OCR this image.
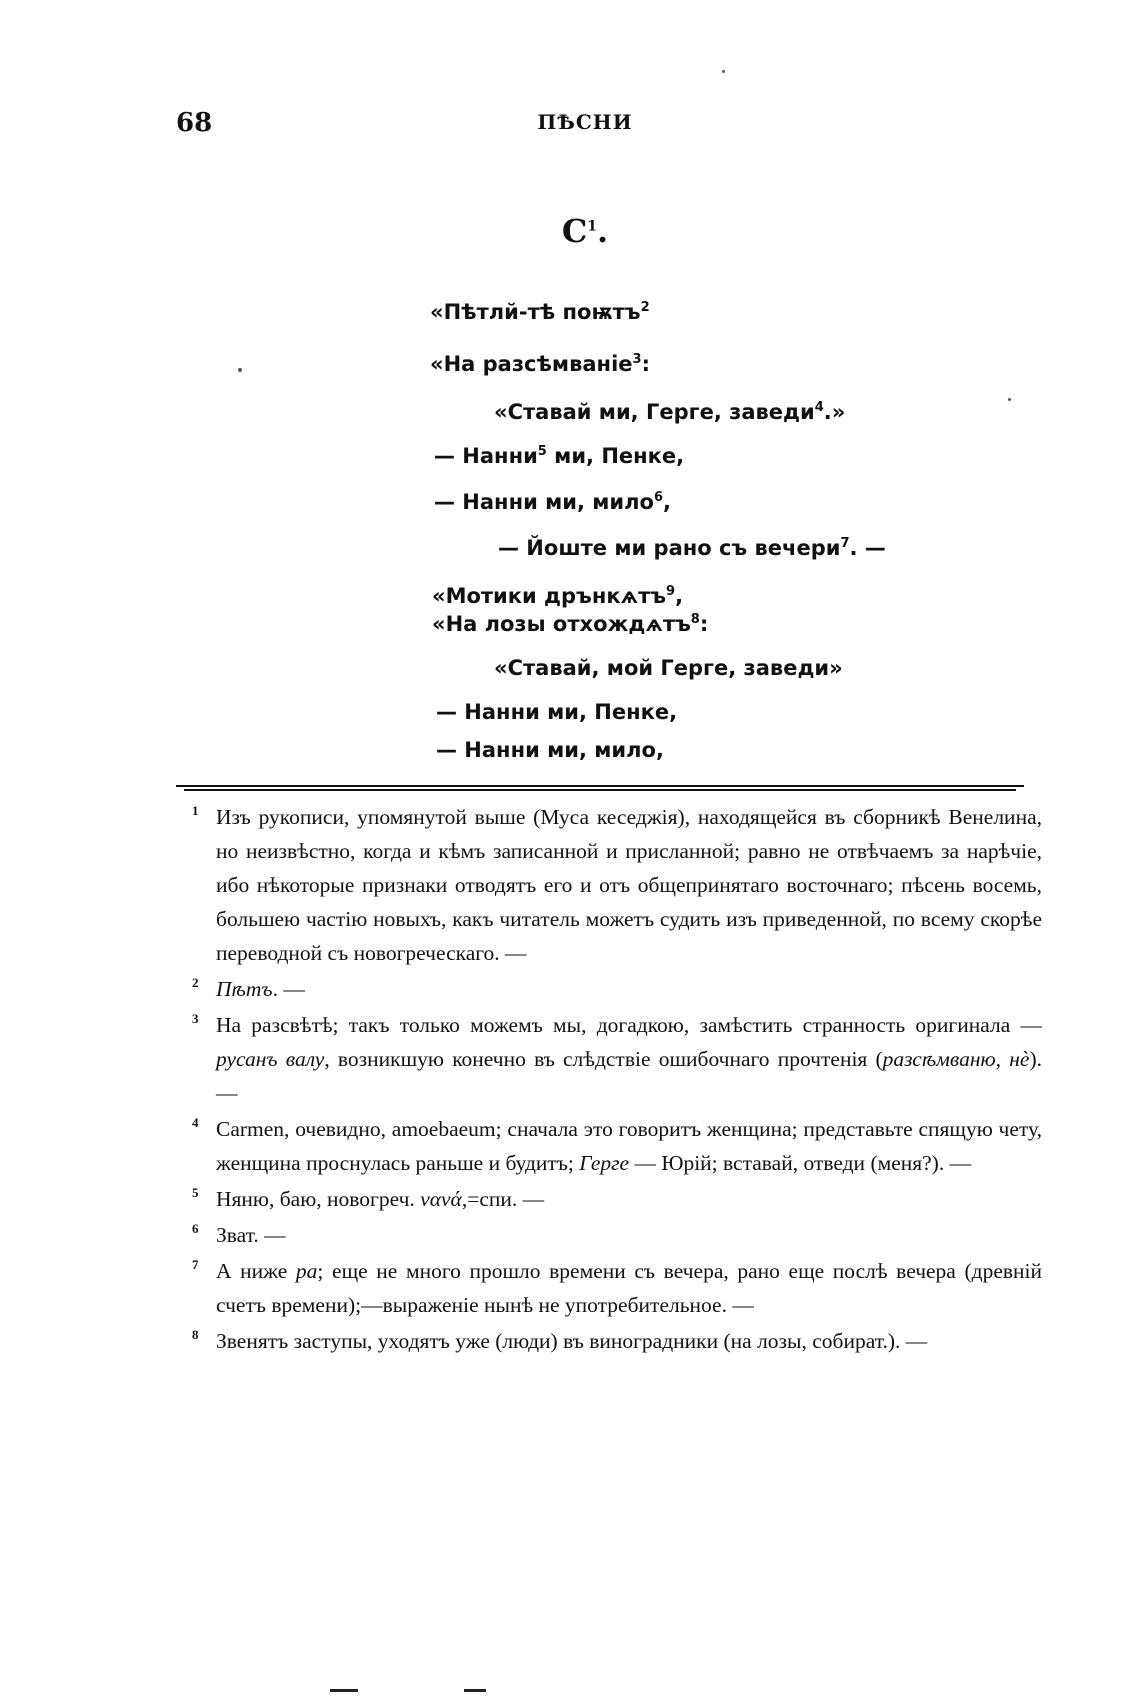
68	ПѢСНИ
$C^1$.
«Пѣтлй-тѣ поѭтъ$^2$
«На разсѣмваніе$^3$:
«Ставай ми, Герге, заведи$^4$.»
— Нанни$^5$ ми, Пенке,
— Нанни ми, мило$^6$,
— Йоште ми рано съ вечери$^7$. —
«Мотики дрънкѧтъ$^9$,
«На лозы отхождѧтъ$^8$:
«Ставай, мой Герге, заведи»
— Нанни ми, Пенке,
— Нанни ми, мило,
1 Изъ рукописи, упомянутой выше (Муса кеседжія), находящейся въ сборникѣ Венелина, но неизвѣстно, когда и кѣмъ записанной и присланной; равно не отвѣчаемъ за нарѣчіе, ибо нѣкоторые признаки отводятъ его и отъ общепринятаго восточнаго; пѣсень восемь, большею частію новыхъ, какъ читатель можетъ судить изъ приведенной, по всему скорѣе переводной съ новогреческаго. —
2 Пѣтъ. —
3 На разсвѣтѣ; такъ только можемъ мы, догадкою, замѣстить странность оригинала — русанъ валу, возникшую конечно въ слѣдствіе ошибочнаго прочтенія (разсѣмваню, нѐ). —
4 Carmen, очевидно, amoebaeum; сначала это говоритъ женщина; представьте спящую чету, женщина проснулась раньше и будитъ; Герге — Юрій; вставай, отведи (меня?). —
5 Няню, баю, новогреч. νανά,=спи. —
6 Зват. —
7 А ниже ра; еще не много прошло времени съ вечера, рано еще послѣ вечера (древній счетъ времени);—выраженіе нынѣ не употребительное. —
8 Звенятъ заступы, уходятъ уже (люди) въ виноградники (на лозы, собират.). —
